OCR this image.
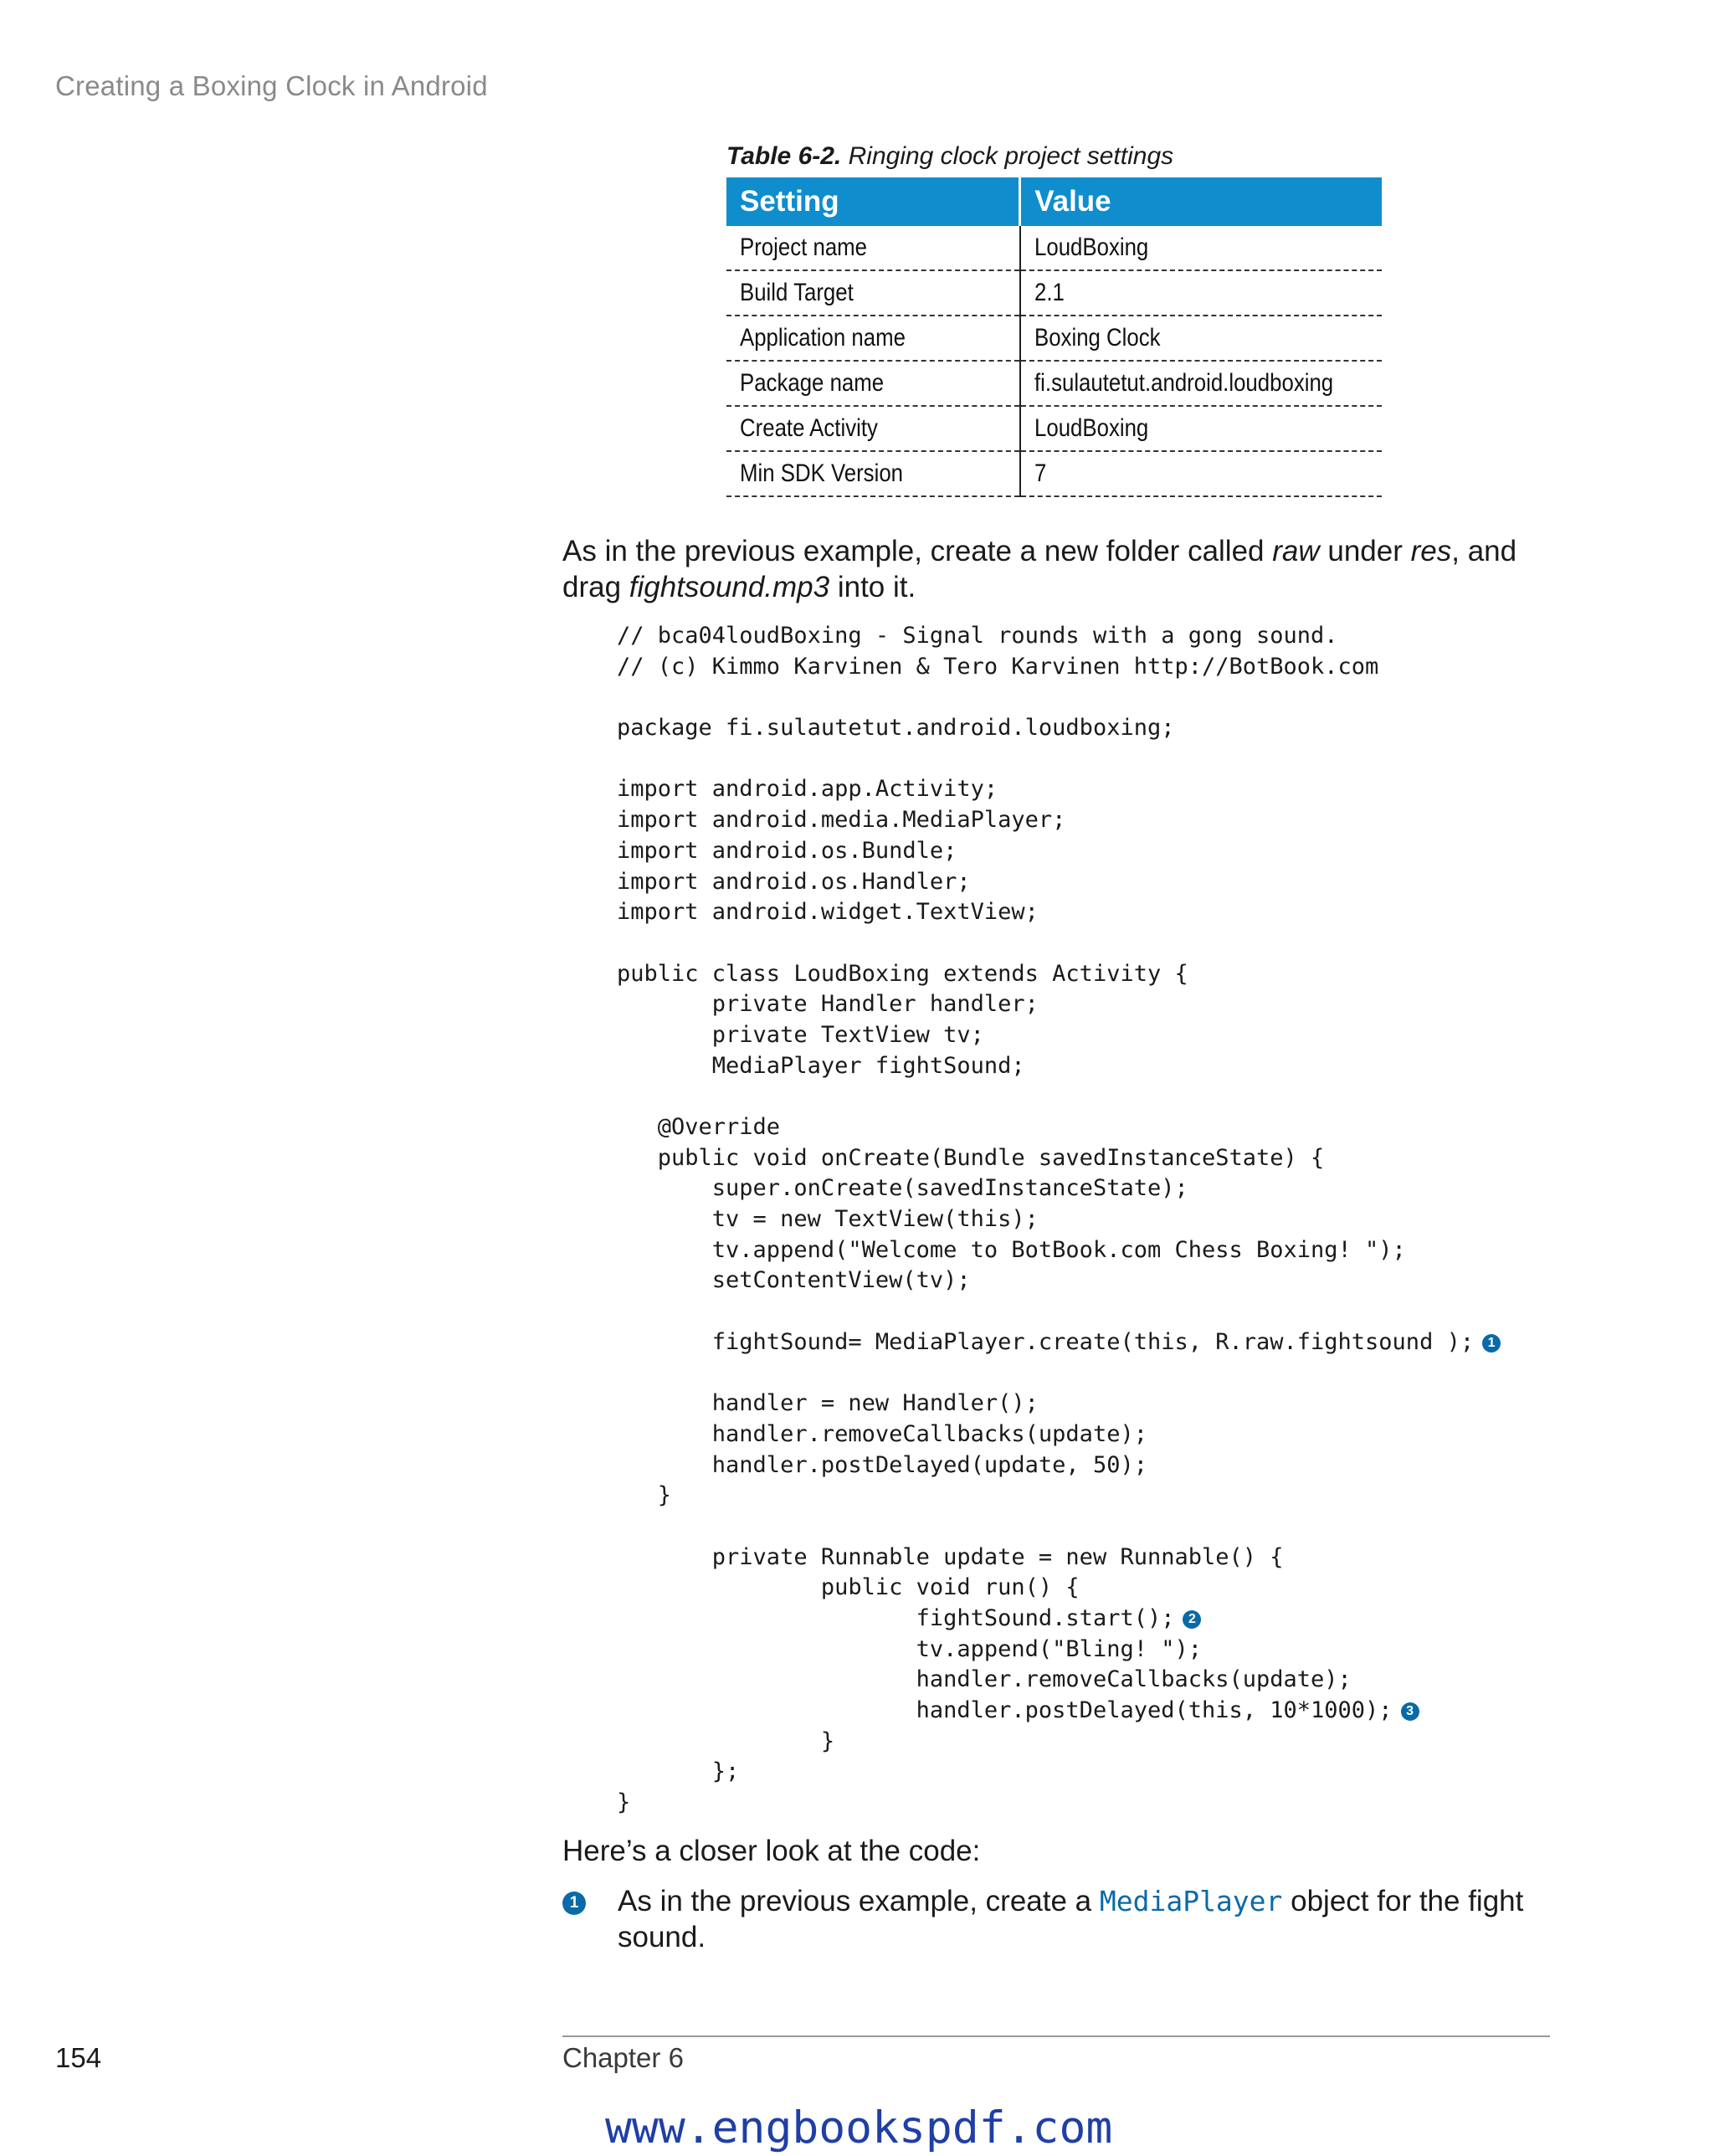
Creating a Boxing Clock in Android
Table 6-2. Ringing clock project settings
Setting	Value
Project name	LoudBoxing
Build Target	2.1
Application name	Boxing Clock
Package name	fi.sulautetut.android.loudboxing
Create Activity	LoudBoxing
Min SDK Version	7
As in the previous example, create a new folder called raw under res, and drag fightsound.mp3 into it.
// bca04loudBoxing - Signal rounds with a gong sound.
// (c) Kimmo Karvinen & Tero Karvinen http://BotBook.com
package fi.sulautetut.android.loudboxing;
import android.app.Activity;
import android.media.MediaPlayer;
import android.os.Bundle;
import android.os.Handler;
import android.widget.TextView;
public class LoudBoxing extends Activity {
private Handler handler;
private TextView tv;
MediaPlayer fightSound;
@Override
public void onCreate(Bundle savedInstanceState) {
super.onCreate(savedInstanceState);
tv = new TextView(this);
tv.append("Welcome to BotBook.com Chess Boxing! ");
setContentView(tv);
fightSound= MediaPlayer.create(this, R.raw.fightsound ); 1
handler = new Handler();
handler.removeCallbacks(update);
handler.postDelayed(update, 50);
}
private Runnable update = new Runnable() {
public void run() {
fightSound.start(); 2
tv.append("Bling! ");
handler.removeCallbacks(update);
handler.postDelayed(this, 10*1000); 3
}
};
}
Here’s a closer look at the code:
1 As in the previous example, create a MediaPlayer object for the fight sound.
154	Chapter 6
www.engbookspdf.com
